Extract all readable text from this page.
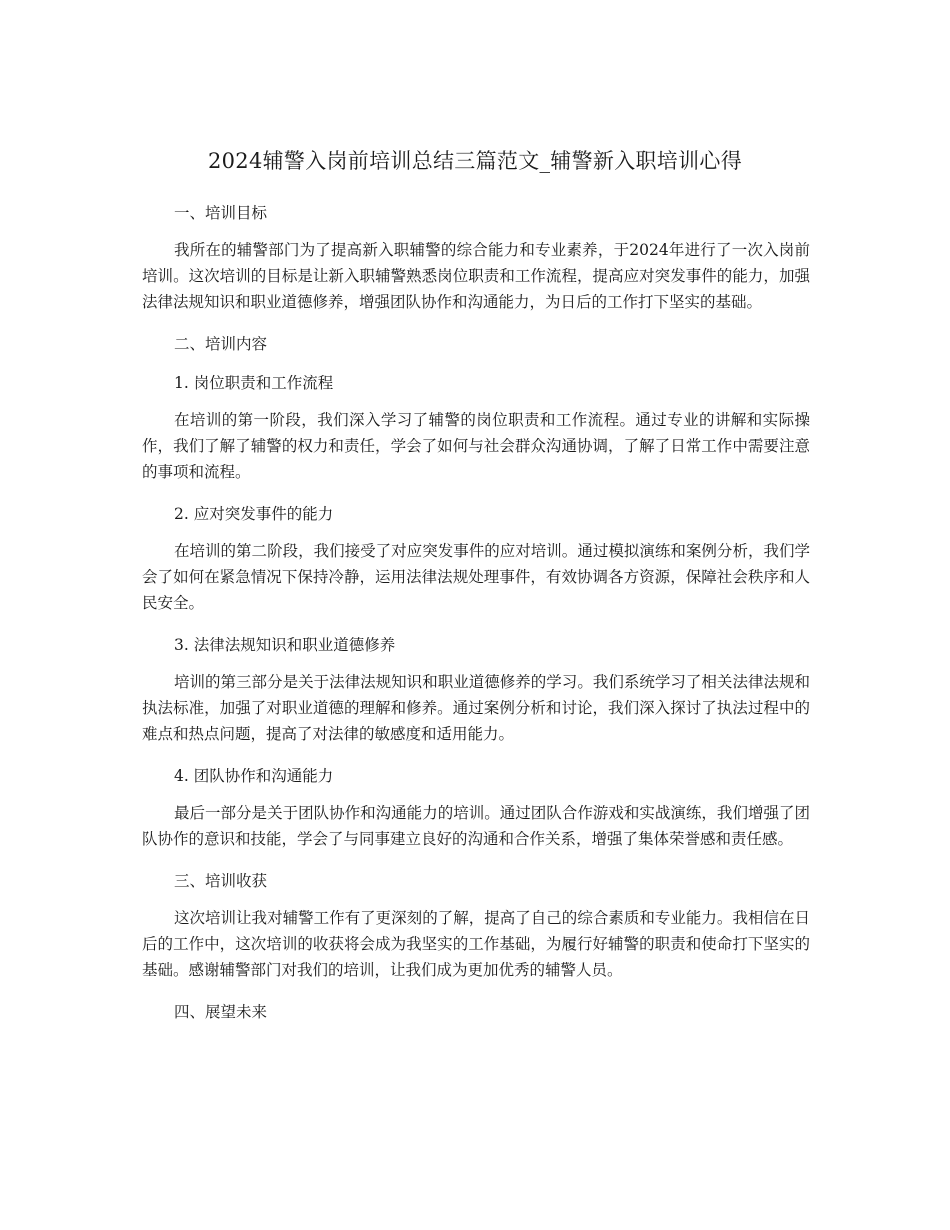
2024辅警入岗前培训总结三篇范文_辅警新入职培训心得
一、培训目标

我所在的辅警部门为了提高新入职辅警的综合能力和专业素养，于2024年进行了一次入岗前培训。这次培训的目标是让新入职辅警熟悉岗位职责和工作流程，提高应对突发事件的能力，加强法律法规知识和职业道德修养，增强团队协作和沟通能力，为日后的工作打下坚实的基础。

二、培训内容
1. 岗位职责和工作流程

在培训的第一阶段，我们深入学习了辅警的岗位职责和工作流程。通过专业的讲解和实际操作，我们了解了辅警的权力和责任，学会了如何与社会群众沟通协调，了解了日常工作中需要注意的事项和流程。

2. 应对突发事件的能力

在培训的第二阶段，我们接受了对应突发事件的应对培训。通过模拟演练和案例分析，我们学会了如何在紧急情况下保持冷静，运用法律法规处理事件，有效协调各方资源，保障社会秩序和人民安全。

3. 法律法规知识和职业道德修养

培训的第三部分是关于法律法规知识和职业道德修养的学习。我们系统学习了相关法律法规和执法标准，加强了对职业道德的理解和修养。通过案例分析和讨论，我们深入探讨了执法过程中的难点和热点问题，提高了对法律的敏感度和适用能力。

4. 团队协作和沟通能力

最后一部分是关于团队协作和沟通能力的培训。通过团队合作游戏和实战演练，我们增强了团队协作的意识和技能，学会了与同事建立良好的沟通和合作关系，增强了集体荣誉感和责任感。

三、培训收获

这次培训让我对辅警工作有了更深刻的了解，提高了自己的综合素质和专业能力。我相信在日后的工作中，这次培训的收获将会成为我坚实的工作基础，为履行好辅警的职责和使命打下坚实的基础。感谢辅警部门对我们的培训，让我们成为更加优秀的辅警人员。

四、展望未来
